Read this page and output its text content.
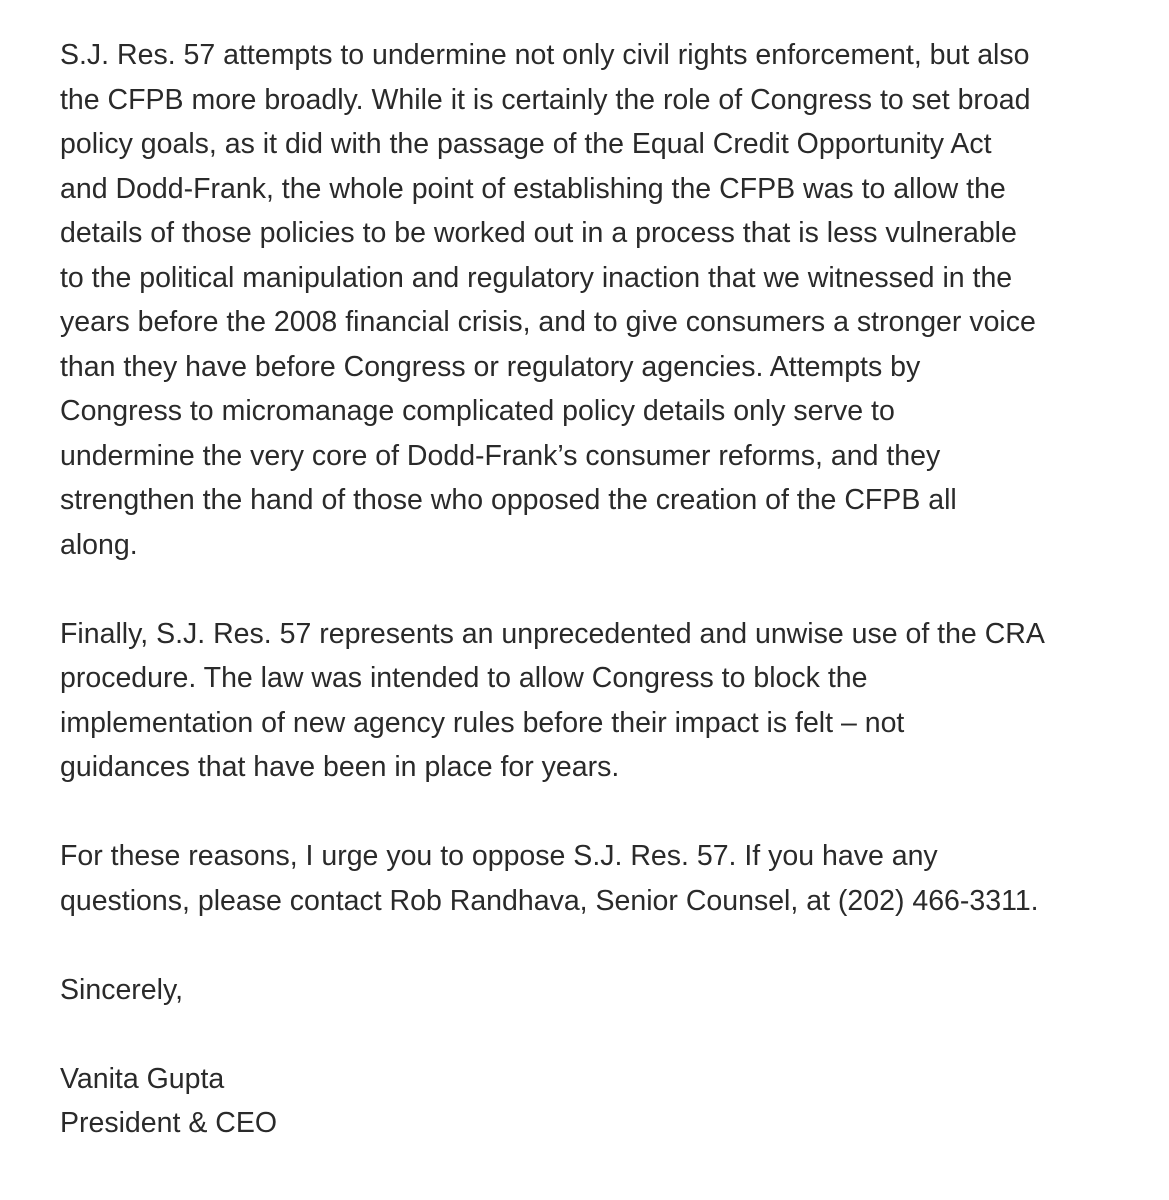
S.J. Res. 57 attempts to undermine not only civil rights enforcement, but also
the CFPB more broadly. While it is certainly the role of Congress to set broad
policy goals, as it did with the passage of the Equal Credit Opportunity Act
and Dodd-Frank, the whole point of establishing the CFPB was to allow the
details of those policies to be worked out in a process that is less vulnerable
to the political manipulation and regulatory inaction that we witnessed in the
years before the 2008 financial crisis, and to give consumers a stronger voice
than they have before Congress or regulatory agencies. Attempts by
Congress to micromanage complicated policy details only serve to
undermine the very core of Dodd-Frank’s consumer reforms, and they
strengthen the hand of those who opposed the creation of the CFPB all
along.

Finally, S.J. Res. 57 represents an unprecedented and unwise use of the CRA
procedure. The law was intended to allow Congress to block the
implementation of new agency rules before their impact is felt – not
guidances that have been in place for years.

For these reasons, I urge you to oppose S.J. Res. 57. If you have any
questions, please contact Rob Randhava, Senior Counsel, at (202) 466-3311.

Sincerely,

Vanita Gupta
President & CEO
